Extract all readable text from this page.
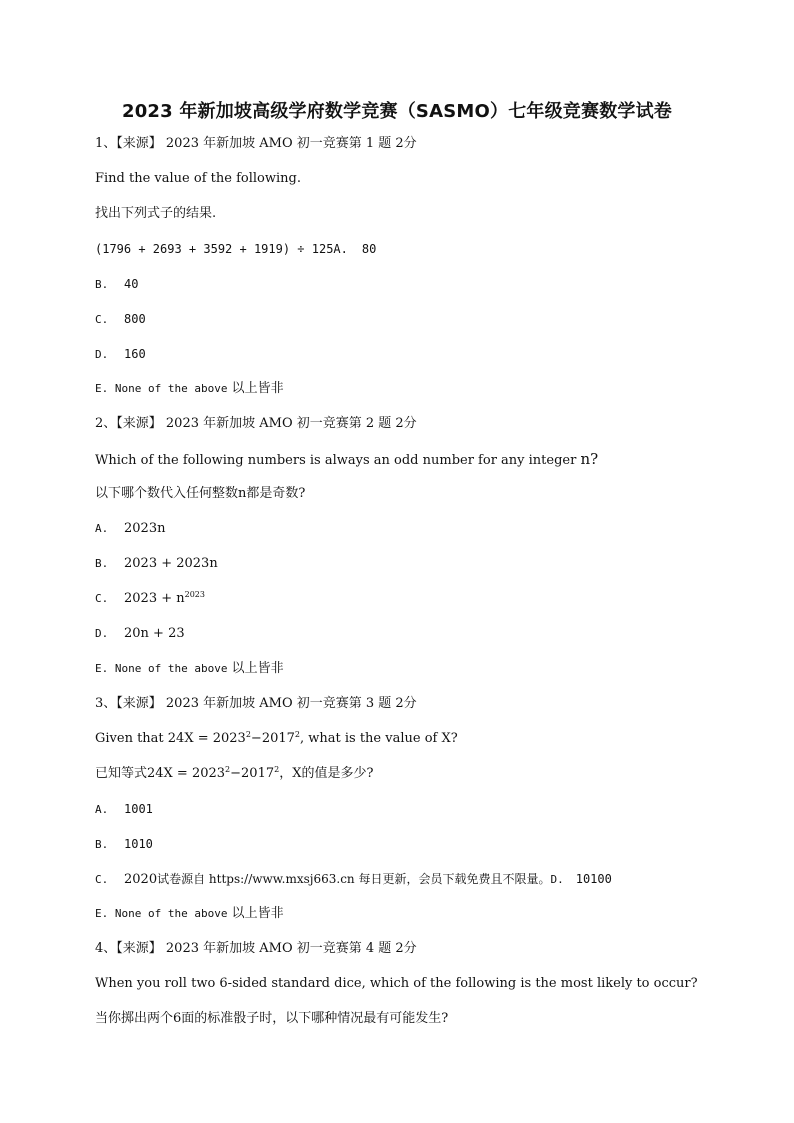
2023 年新加坡高级学府数学竞赛（SASMO）七年级竞赛数学试卷
1、【来源】 2023 年新加坡 AMO 初一竞赛第 1 题 2分
Find the value of the following.
找出下列式子的结果.
(1796 + 2693 + 3592 + 1919) ÷ 125A. 80
B. 40
C. 800
D. 160
E. None of the above 以上皆非
2、【来源】 2023 年新加坡 AMO 初一竞赛第 2 题 2分
Which of the following numbers is always an odd number for any integer n?
以下哪个数代入任何整数n都是奇数?
A. 2023n
B. 2023 + 2023n
C. $2023 + n^{2023}$
D. 20n + 23
E. None of the above 以上皆非
3、【来源】 2023 年新加坡 AMO 初一竞赛第 3 题 2分
Given that $24X = 2023^2-2017^2$, what is the value of X?
已知等式$24X = 2023^2-2017^2$，X的值是多少?
A. 1001
B. 1010
C. 2020试卷源自 https://www.mxsj663.cn 每日更新，会员下载免费且不限量。D. 10100
E. None of the above 以上皆非
4、【来源】 2023 年新加坡 AMO 初一竞赛第 4 题 2分
When you roll two 6-sided standard dice, which of the following is the most likely to occur?
当你掷出两个6面的标准骰子时，以下哪种情况最有可能发生?
